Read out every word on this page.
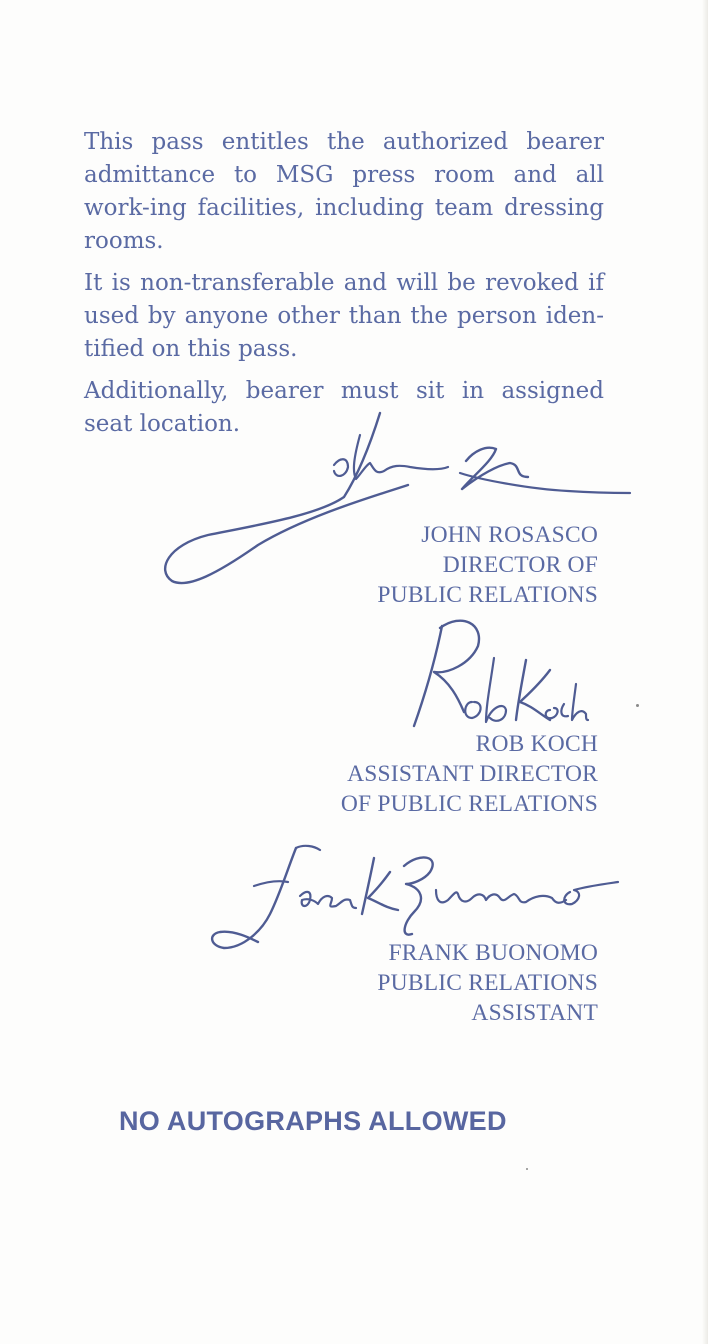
This pass entitles the authorized bearer admittance to MSG press room and all work-ing facilities, including team dressing rooms.

It is non-transferable and will be revoked if used by anyone other than the person iden-tified on this pass.

Additionally, bearer must sit in assigned seat location.

JOHN ROSASCO
DIRECTOR OF
PUBLIC RELATIONS
ROB KOCH
ASSISTANT DIRECTOR
OF PUBLIC RELATIONS
FRANK BUONOMO
PUBLIC RELATIONS
ASSISTANT
NO AUTOGRAPHS ALLOWED
